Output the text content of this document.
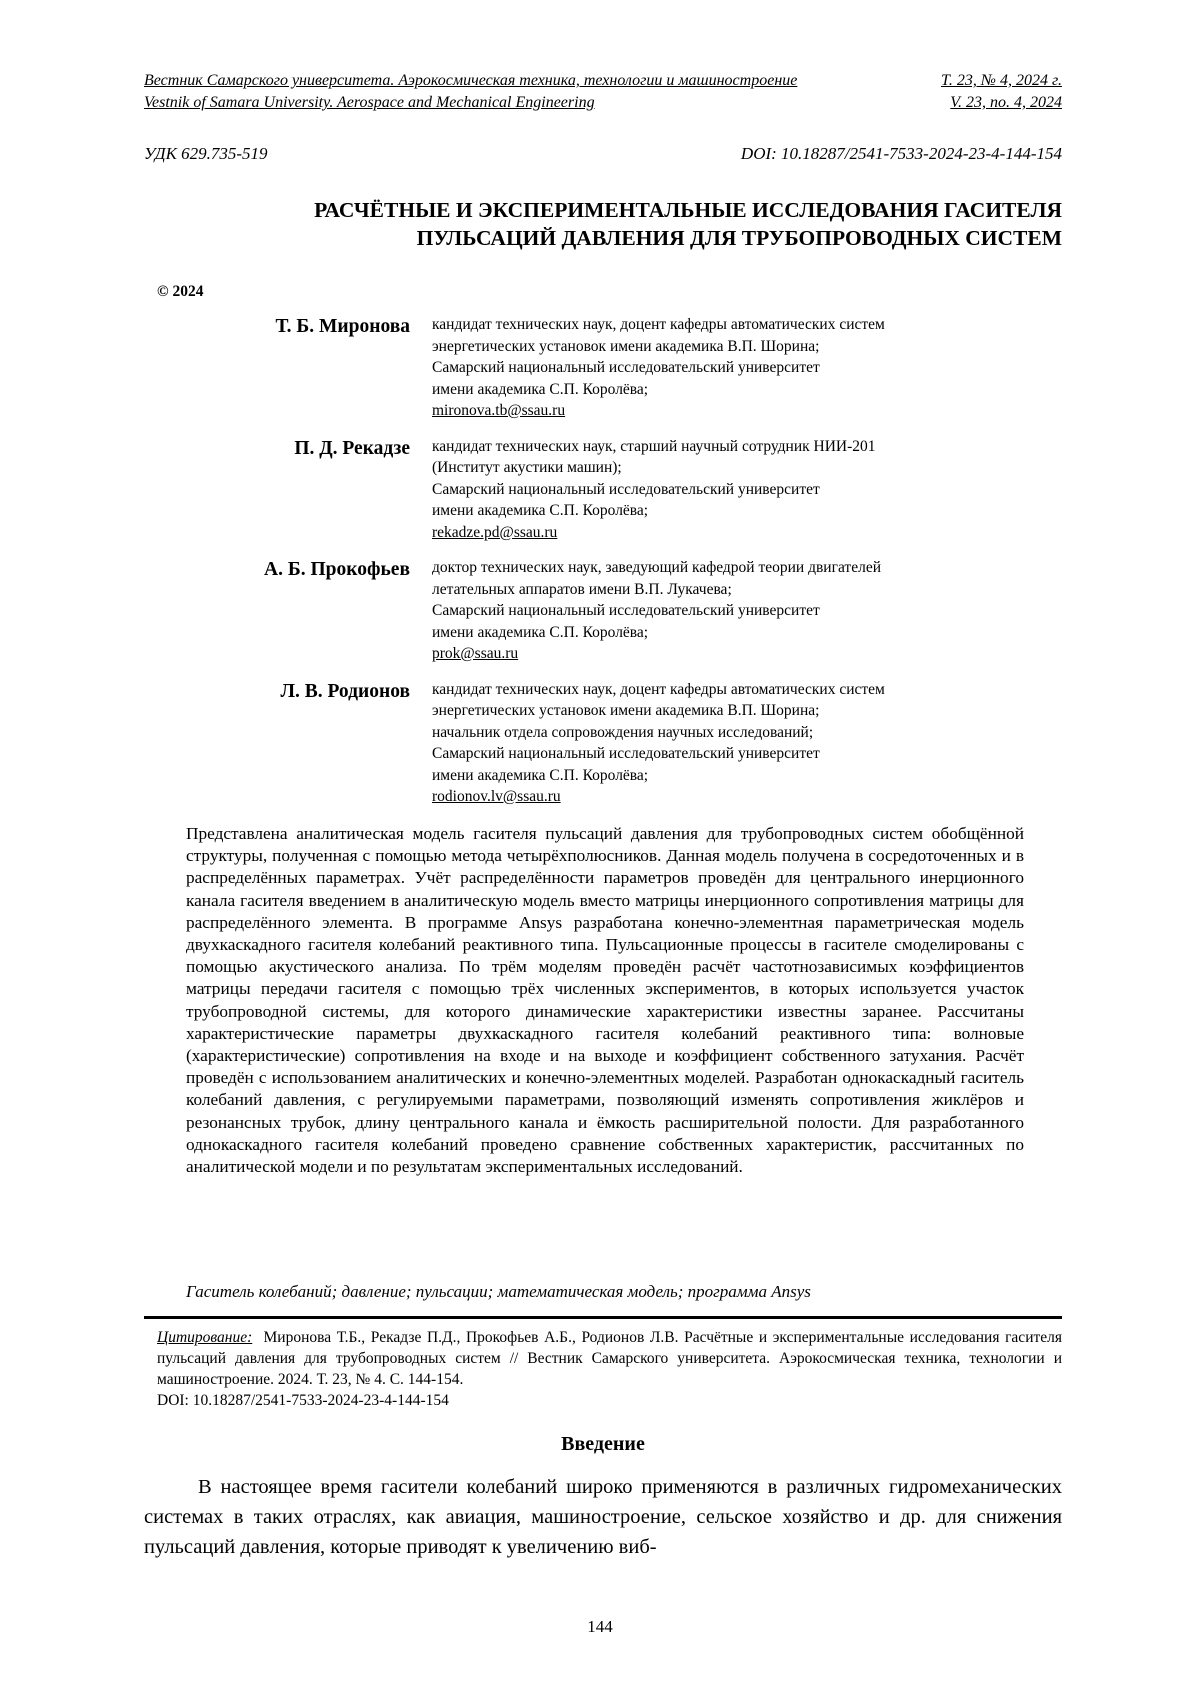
Вестник Самарского университета. Аэрокосмическая техника, технологии и машиностроение	Т. 23, № 4, 2024 г.
Vestnik of Samara University. Aerospace and Mechanical Engineering	V. 23, no. 4, 2024
УДК 629.735-519	DOI: 10.18287/2541-7533-2024-23-4-144-154
РАСЧЁТНЫЕ И ЭКСПЕРИМЕНТАЛЬНЫЕ ИССЛЕДОВАНИЯ ГАСИТЕЛЯ
ПУЛЬСАЦИЙ ДАВЛЕНИЯ ДЛЯ ТРУБОПРОВОДНЫХ СИСТЕМ
© 2024
Т. Б. Миронова	кандидат технических наук, доцент кафедры автоматических систем
энергетических установок имени академика В.П. Шорина;
Самарский национальный исследовательский университет
имени академика С.П. Королёва;
mironova.tb@ssau.ru
П. Д. Рекадзе	кандидат технических наук, старший научный сотрудник НИИ-201
(Институт акустики машин);
Самарский национальный исследовательский университет
имени академика С.П. Королёва;
rekadze.pd@ssau.ru
А. Б. Прокофьев	доктор технических наук, заведующий кафедрой теории двигателей
летательных аппаратов имени В.П. Лукачева;
Самарский национальный исследовательский университет
имени академика С.П. Королёва;
prok@ssau.ru
Л. В. Родионов	кандидат технических наук, доцент кафедры автоматических систем
энергетических установок имени академика В.П. Шорина;
начальник отдела сопровождения научных исследований;
Самарский национальный исследовательский университет
имени академика С.П. Королёва;
rodionov.lv@ssau.ru
Представлена аналитическая модель гасителя пульсаций давления для трубопроводных систем обобщённой структуры, полученная с помощью метода четырёхполюсников. Данная модель получена в сосредоточенных и в распределённых параметрах. Учёт распределённости параметров проведён для центрального инерционного канала гасителя введением в аналитическую модель вместо матрицы инерционного сопротивления матрицы для распределённого элемента. В программе Ansys разработана конечно-элементная параметрическая модель двухкаскадного гасителя колебаний реактивного типа. Пульсационные процессы в гасителе смоделированы с помощью акустического анализа. По трём моделям проведён расчёт частотнозависимых коэффициентов матрицы передачи гасителя с помощью трёх численных экспериментов, в которых используется участок трубопроводной системы, для которого динамические характеристики известны заранее. Рассчитаны характеристические параметры двухкаскадного гасителя колебаний реактивного типа: волновые (характеристические) сопротивления на входе и на выходе и коэффициент собственного затухания. Расчёт проведён с использованием аналитических и конечно-элементных моделей. Разработан однокаскадный гаситель колебаний давления, с регулируемыми параметрами, позволяющий изменять сопротивления жиклёров и резонансных трубок, длину центрального канала и ёмкость расширительной полости. Для разработанного однокаскадного гасителя колебаний проведено сравнение собственных характеристик, рассчитанных по аналитической модели и по результатам экспериментальных исследований.
Гаситель колебаний; давление; пульсации; математическая модель; программа Ansys
Цитирование: Миронова Т.Б., Рекадзе П.Д., Прокофьев А.Б., Родионов Л.В. Расчётные и экспериментальные исследования гасителя пульсаций давления для трубопроводных систем // Вестник Самарского университета. Аэрокосмическая техника, технологии и машиностроение. 2024. Т. 23, № 4. С. 144-154.
DOI: 10.18287/2541-7533-2024-23-4-144-154
Введение
В настоящее время гасители колебаний широко применяются в различных гидромеханических системах в таких отраслях, как авиация, машиностроение, сельское хозяйство и др. для снижения пульсаций давления, которые приводят к увеличению виб-
144
